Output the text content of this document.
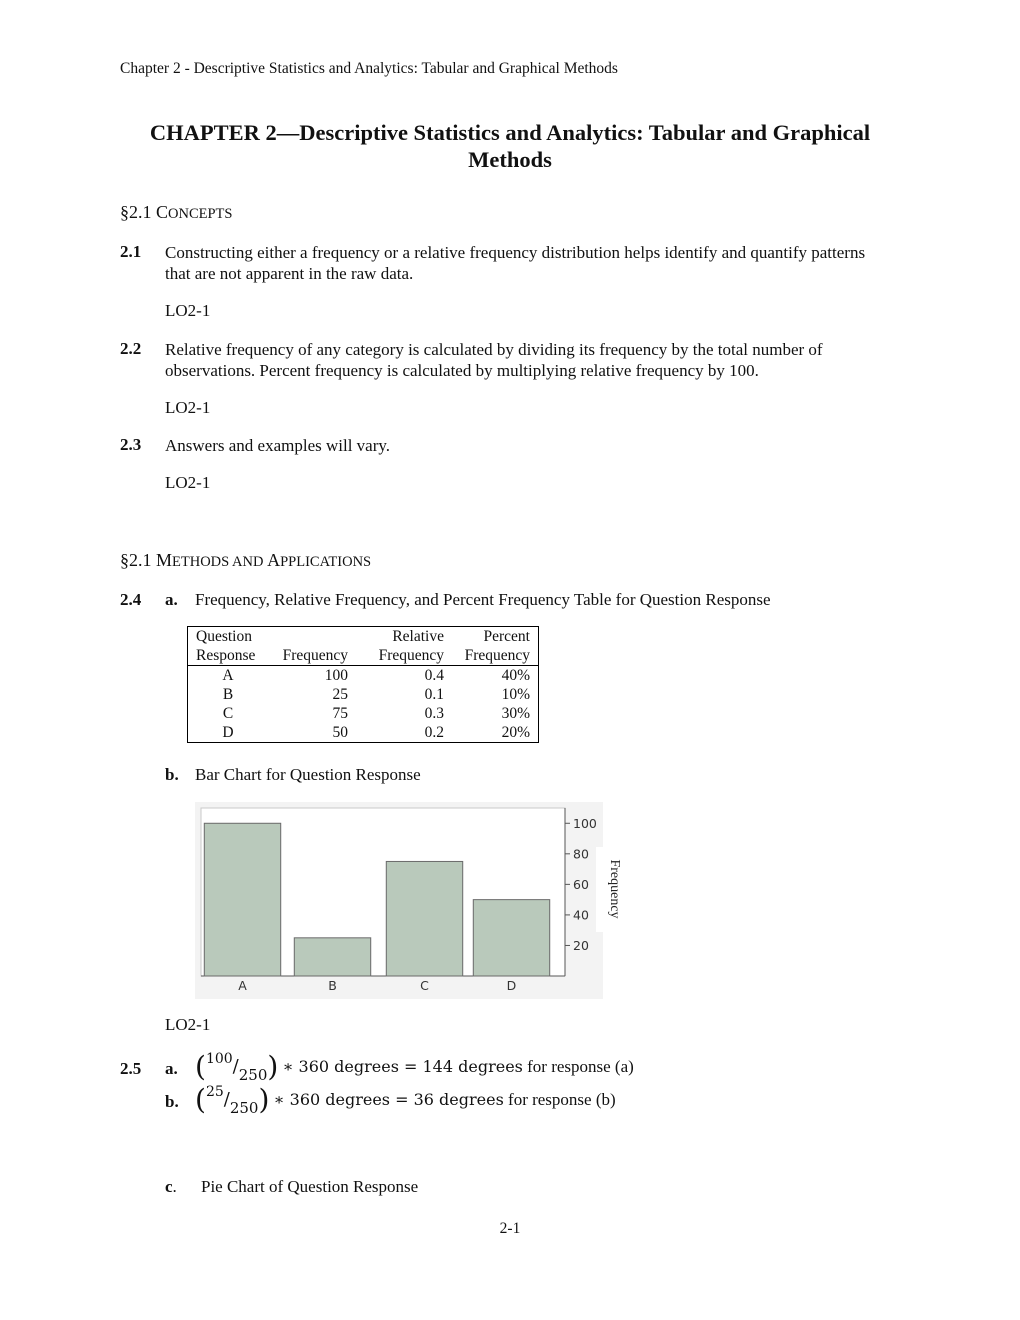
Chapter 2 - Descriptive Statistics and Analytics: Tabular and Graphical Methods
CHAPTER 2—Descriptive Statistics and Analytics: Tabular and Graphical
Methods
§2.1 CONCEPTS
2.1 Constructing either a frequency or a relative frequency distribution helps identify and quantify patterns that are not apparent in the raw data.
LO2-1
2.2 Relative frequency of any category is calculated by dividing its frequency by the total number of observations. Percent frequency is calculated by multiplying relative frequency by 100.
LO2-1
2.3 Answers and examples will vary.
LO2-1
§2.1 METHODS AND APPLICATIONS
2.4 a. Frequency, Relative Frequency, and Percent Frequency Table for Question Response
Question		Relative	Percent
Response	Frequency	Frequency	Frequency
A	100	0.4	40%
B	25	0.1	10%
C	75	0.3	30%
D	50	0.2	20%
b. Bar Chart for Question Response
A	B	C	D
20
40
60
80
100
Frequency
LO2-1
2.5 a. ($^{100}$/250) ∗ 360 degrees = 144 degrees for response (a)
b. ($^{25}$/250) ∗ 360 degrees = 36 degrees for response (b)
c. Pie Chart of Question Response
2-1
